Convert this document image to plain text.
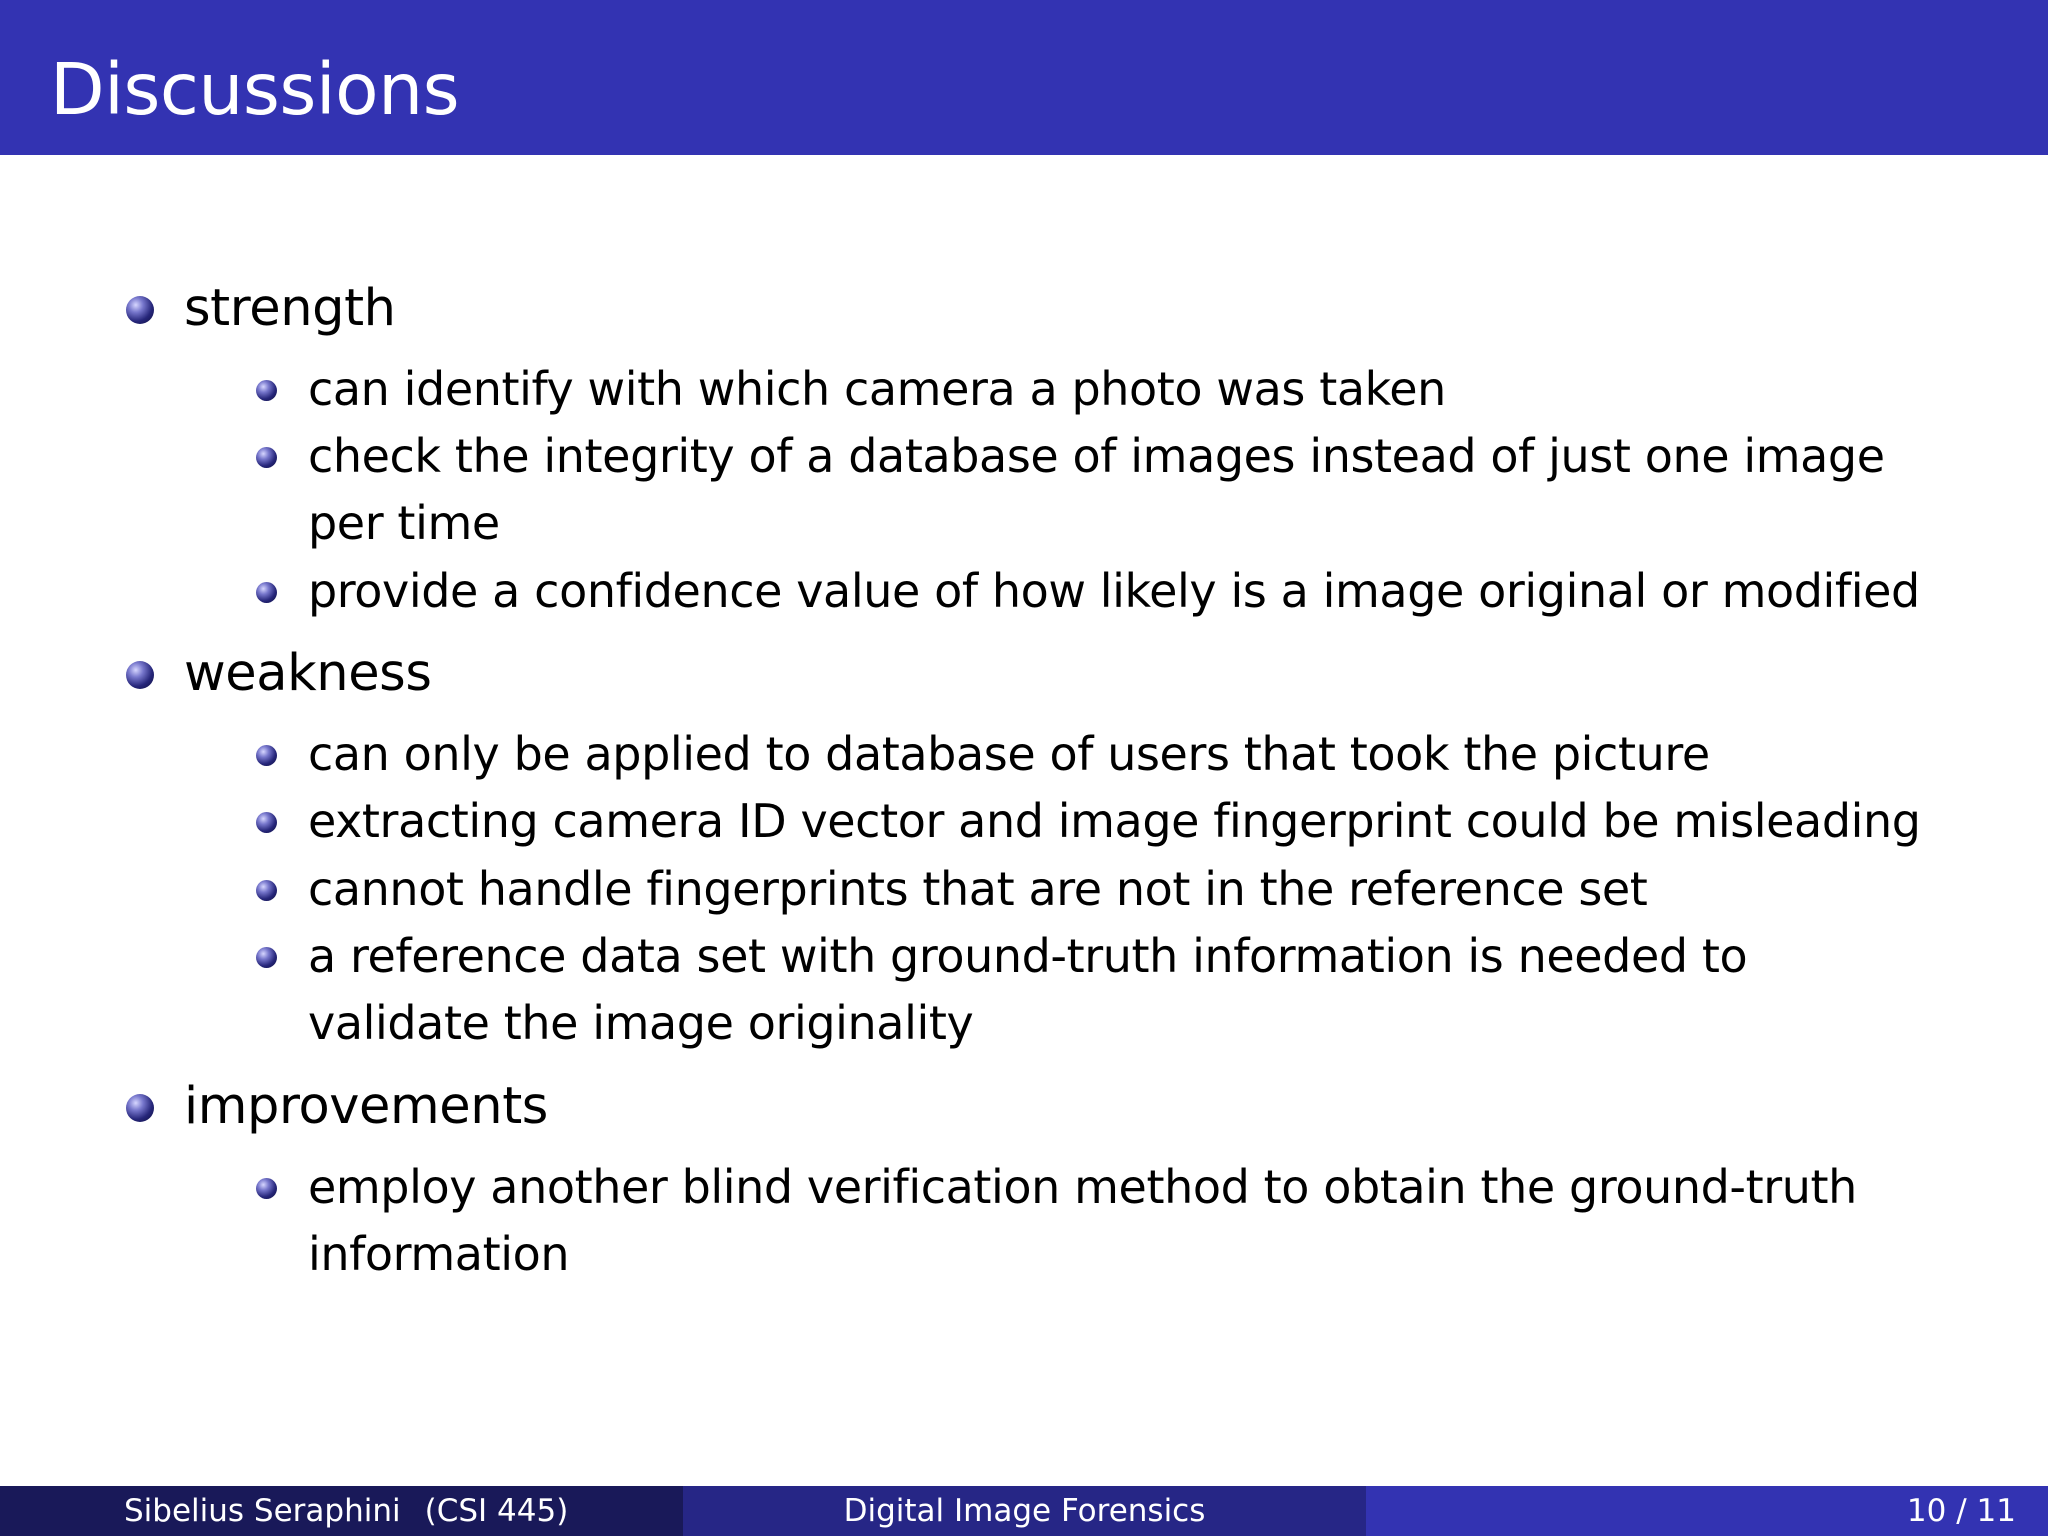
Discussions
strength
can identify with which camera a photo was taken
check the integrity of a database of images instead of just one image
per time
provide a confidence value of how likely is a image original or modified
weakness
can only be applied to database of users that took the picture
extracting camera ID vector and image fingerprint could be misleading
cannot handle fingerprints that are not in the reference set
a reference data set with ground-truth information is needed to
validate the image originality
improvements
employ another blind verification method to obtain the ground-truth
information
Sibelius Seraphini (CSI 445)	Digital Image Forensics	10 / 11
